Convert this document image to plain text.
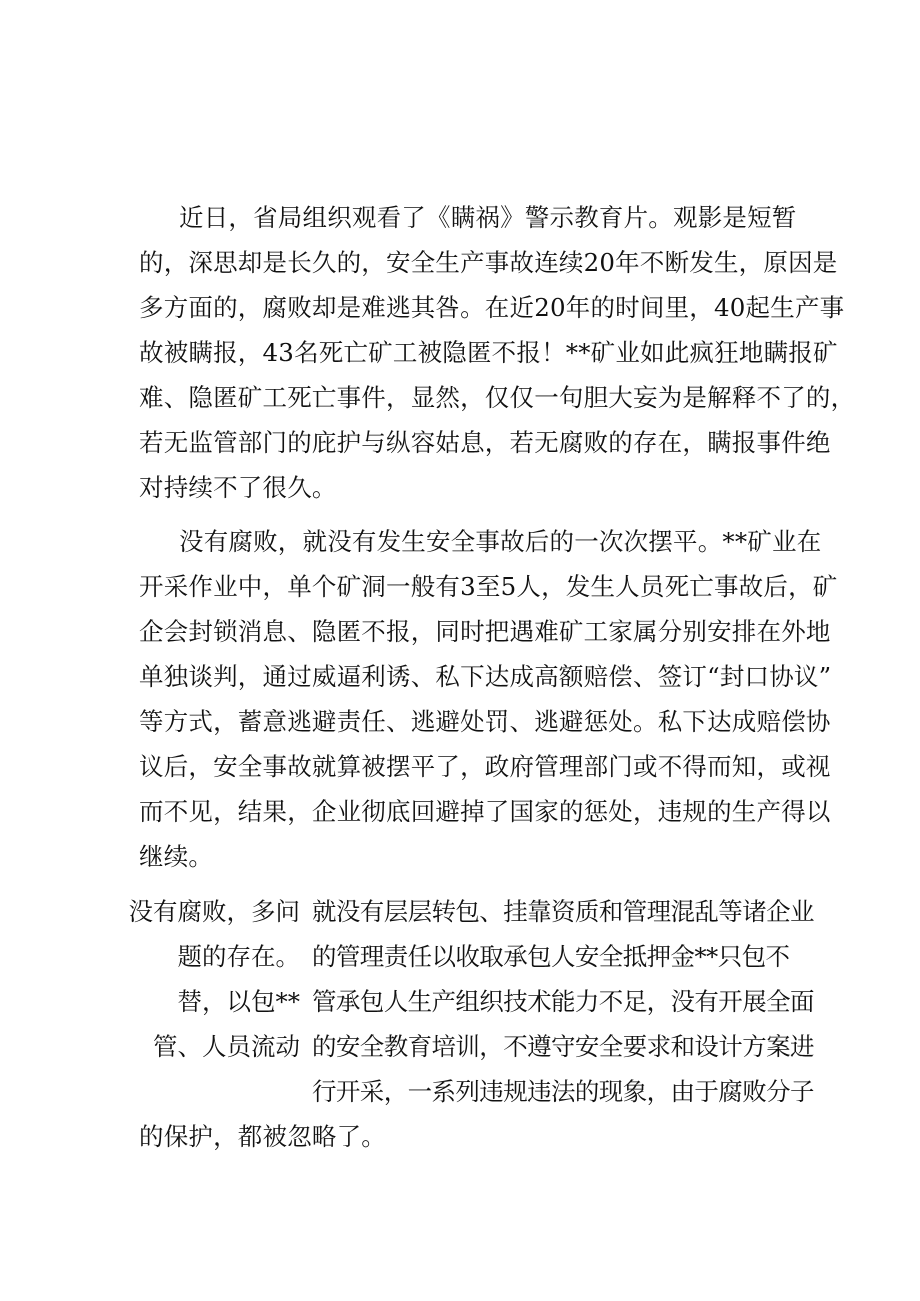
近日，省局组织观看了《瞒祸》警示教育片。观影是短暂
的，深思却是长久的，安全生产事故连续20年不断发生，原因是
多方面的，腐败却是难逃其咎。在近20年的时间里，40起生产事
故被瞒报，43名死亡矿工被隐匿不报！**矿业如此疯狂地瞒报矿
难、隐匿矿工死亡事件，显然，仅仅一句胆大妄为是解释不了的，
若无监管部门的庇护与纵容姑息，若无腐败的存在，瞒报事件绝
对持续不了很久。
没有腐败，就没有发生安全事故后的一次次摆平。**矿业在
开采作业中，单个矿洞一般有3至5人，发生人员死亡事故后，矿
企会封锁消息、隐匿不报，同时把遇难矿工家属分别安排在外地
单独谈判，通过威逼利诱、私下达成高额赔偿、签订“封口协议”
等方式，蓄意逃避责任、逃避处罚、逃避惩处。私下达成赔偿协
议后，安全事故就算被摆平了，政府管理部门或不得而知，或视
而不见，结果，企业彻底回避掉了国家的惩处，违规的生产得以
继续。
没有腐败，多问
题的存在。
替，以包**
管、人员流动
就没有层层转包、挂靠资质和管理混乱等诸企业
的管理责任以收取承包人安全抵押金**只包不
管承包人生产组织技术能力不足，没有开展全面
的安全教育培训，不遵守安全要求和设计方案进
行开采，一系列违规违法的现象，由于腐败分子
的保护，都被忽略了。
